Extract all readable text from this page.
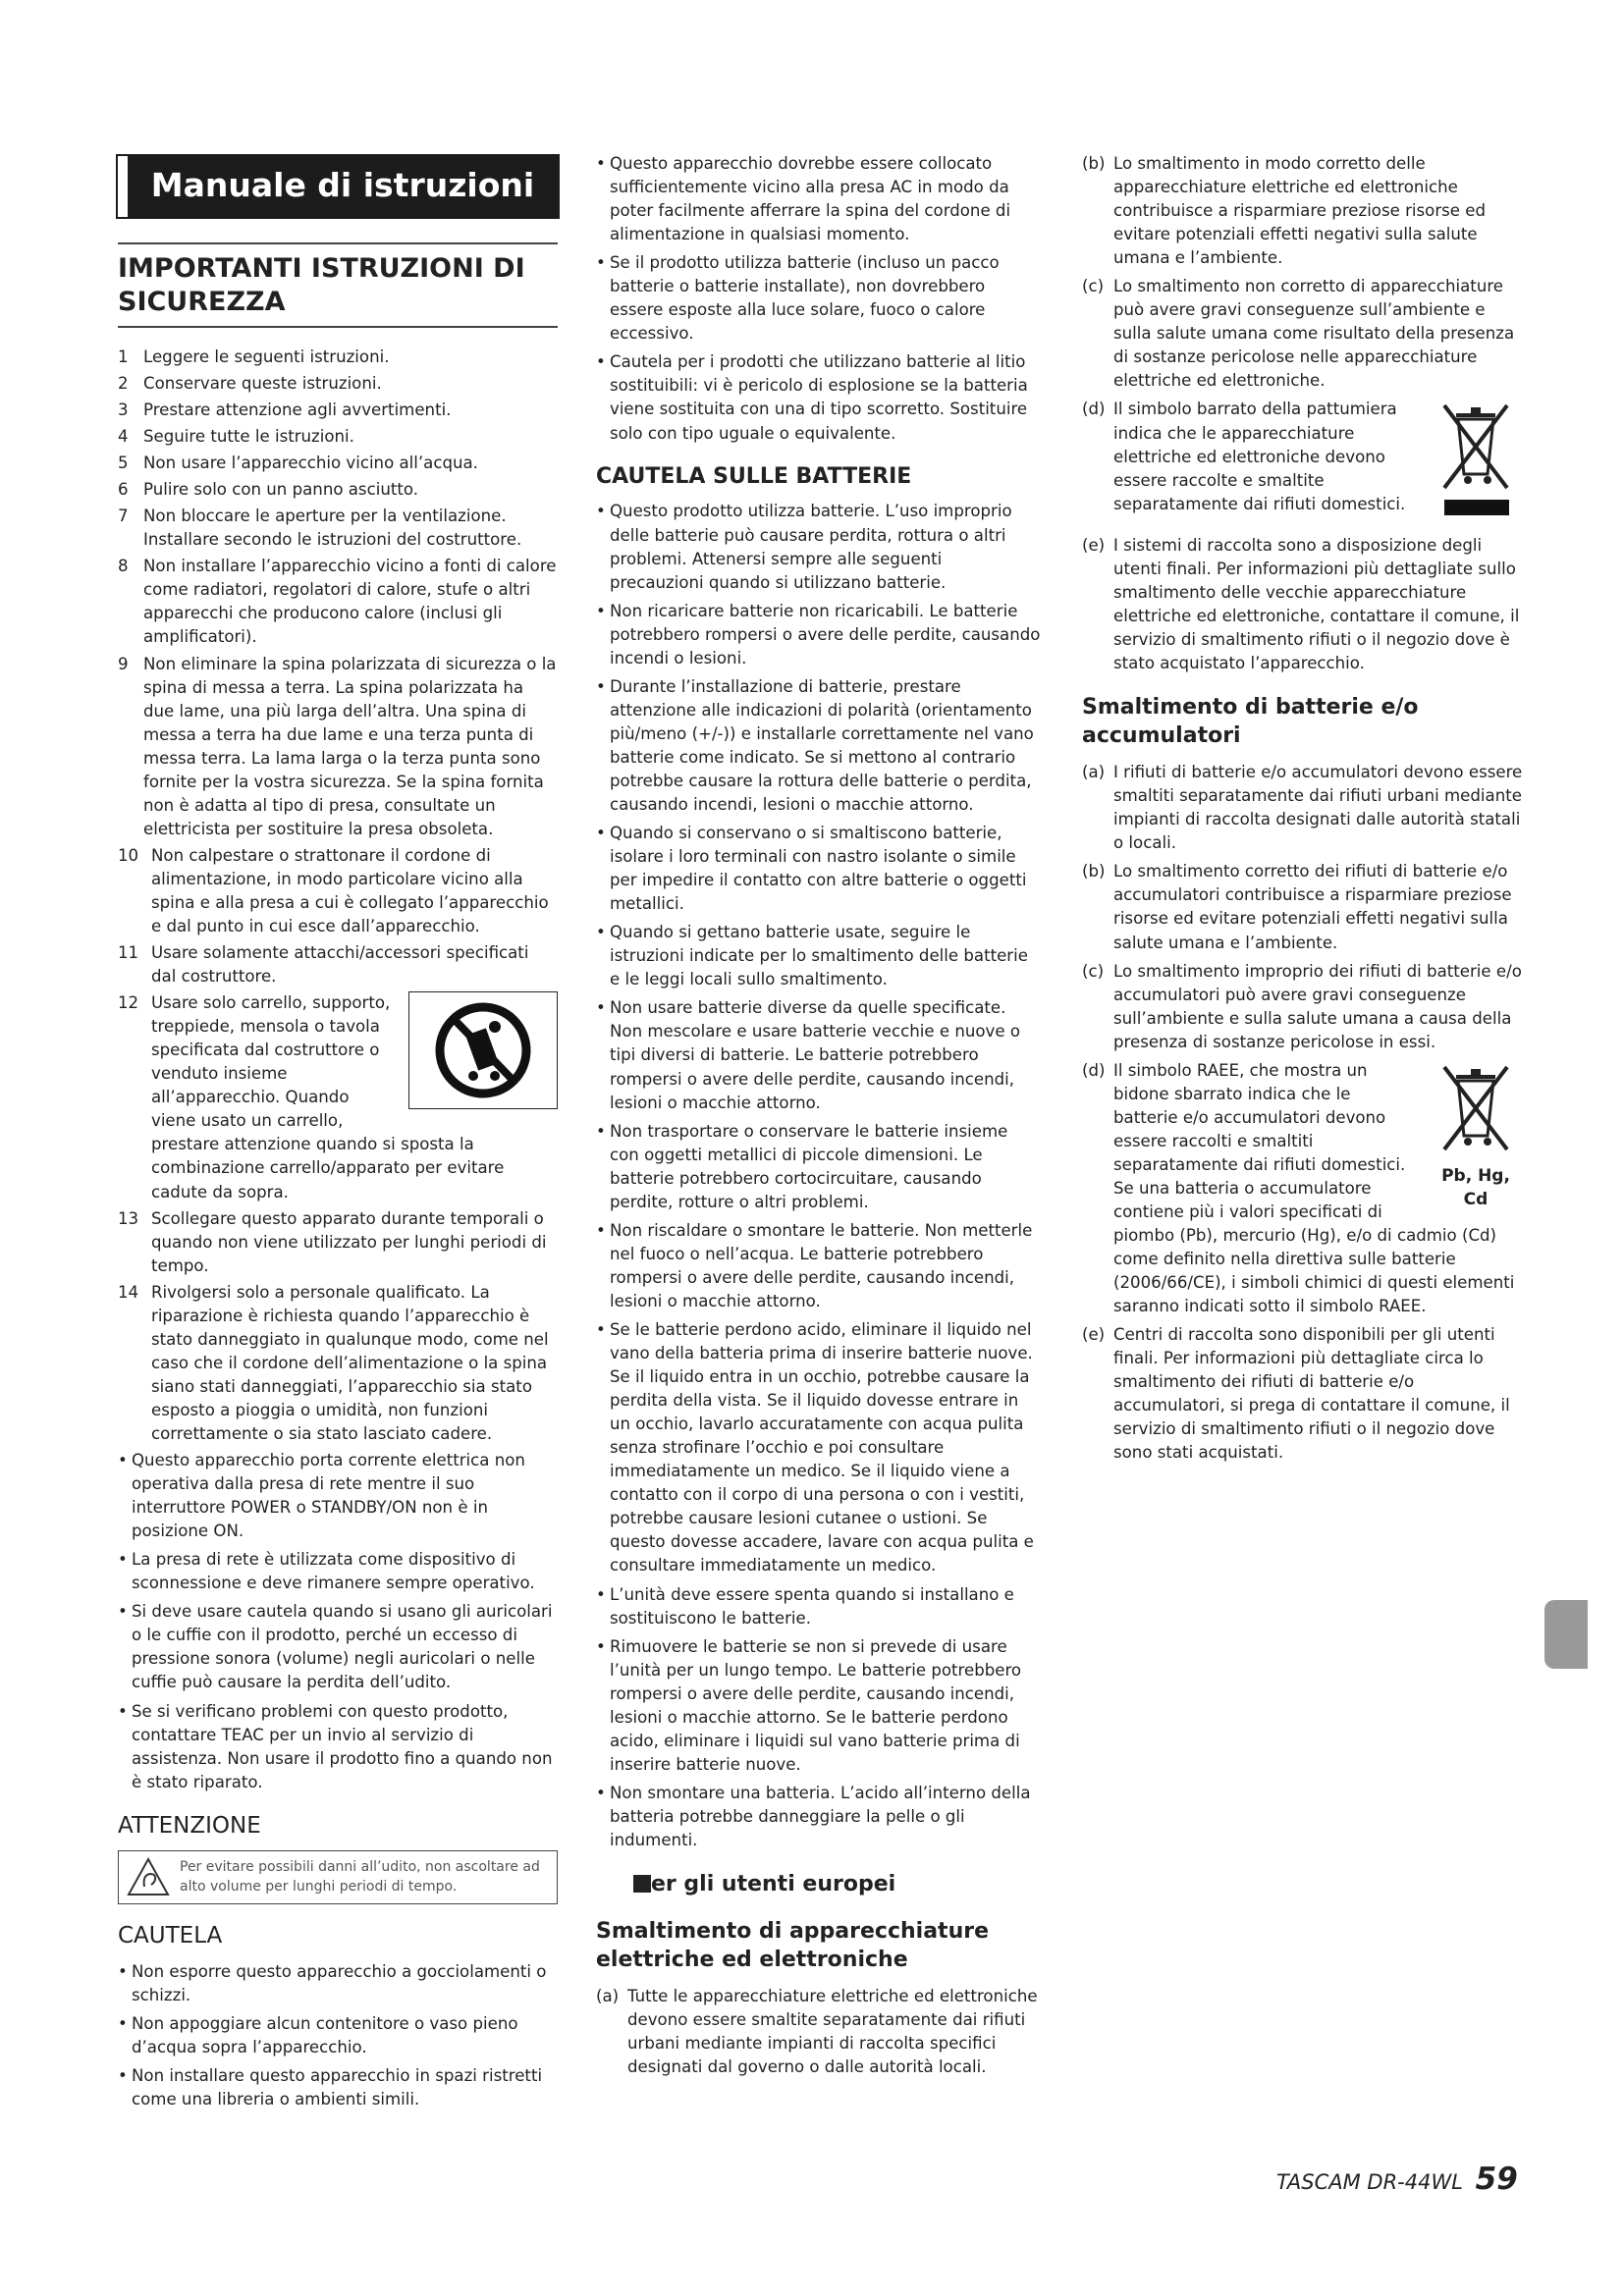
Manuale di istruzioni
IMPORTANTI ISTRUZIONI DI SICUREZZA
1 Leggere le seguenti istruzioni.
2 Conservare queste istruzioni.
3 Prestare attenzione agli avvertimenti.
4 Seguire tutte le istruzioni.
5 Non usare l’apparecchio vicino all’acqua.
6 Pulire solo con un panno asciutto.
7 Non bloccare le aperture per la ventilazione. Installare secondo le istruzioni del costruttore.
8 Non installare l’apparecchio vicino a fonti di calore come radiatori, regolatori di calore, stufe o altri apparecchi che producono calore (inclusi gli amplificatori).
9 Non eliminare la spina polarizzata di sicurezza o la spina di messa a terra. La spina polarizzata ha due lame, una più larga dell’altra. Una spina di messa a terra ha due lame e una terza punta di messa terra. La lama larga o la terza punta sono fornite per la vostra sicurezza. Se la spina fornita non è adatta al tipo di presa, consultate un elettricista per sostituire la presa obsoleta.
10 Non calpestare o strattonare il cordone di alimentazione, in modo particolare vicino alla spina e alla presa a cui è collegato l’apparecchio e dal punto in cui esce dall’apparecchio.
11 Usare solamente attacchi/accessori specificati dal costruttore.
12 Usare solo carrello, supporto, treppiede, mensola o tavola specificata dal costruttore o venduto insieme all’apparecchio. Quando viene usato un carrello, prestare attenzione quando si sposta la combinazione carrello/apparato per evitare cadute da sopra.
13 Scollegare questo apparato durante temporali o quando non viene utilizzato per lunghi periodi di tempo.
14 Rivolgersi solo a personale qualificato. La riparazione è richiesta quando l’apparecchio è stato danneggiato in qualunque modo, come nel caso che il cordone dell’alimentazione o la spina siano stati danneggiati, l’apparecchio sia stato esposto a pioggia o umidità, non funzioni correttamente o sia stato lasciato cadere.
• Questo apparecchio porta corrente elettrica non operativa dalla presa di rete mentre il suo interruttore POWER o STANDBY/ON non è in posizione ON.
• La presa di rete è utilizzata come dispositivo di sconnessione e deve rimanere sempre operativo.
• Si deve usare cautela quando si usano gli auricolari o le cuffie con il prodotto, perché un eccesso di pressione sonora (volume) negli auricolari o nelle cuffie può causare la perdita dell’udito.
• Se si verificano problemi con questo prodotto, contattare TEAC per un invio al servizio di assistenza. Non usare il prodotto fino a quando non è stato riparato.
ATTENZIONE
Per evitare possibili danni all’udito, non ascoltare ad alto volume per lunghi periodi di tempo.
CAUTELA
• Non esporre questo apparecchio a gocciolamenti o schizzi.
• Non appoggiare alcun contenitore o vaso pieno d’acqua sopra l’apparecchio.
• Non installare questo apparecchio in spazi ristretti come una libreria o ambienti simili.
• Questo apparecchio dovrebbe essere collocato sufficientemente vicino alla presa AC in modo da poter facilmente afferrare la spina del cordone di alimentazione in qualsiasi momento.
• Se il prodotto utilizza batterie (incluso un pacco batterie o batterie installate), non dovrebbero essere esposte alla luce solare, fuoco o calore eccessivo.
• Cautela per i prodotti che utilizzano batterie al litio sostituibili: vi è pericolo di esplosione se la batteria viene sostituita con una di tipo scorretto. Sostituire solo con tipo uguale o equivalente.
CAUTELA SULLE BATTERIE
• Questo prodotto utilizza batterie. L’uso improprio delle batterie può causare perdita, rottura o altri problemi. Attenersi sempre alle seguenti precauzioni quando si utilizzano batterie.
• Non ricaricare batterie non ricaricabili. Le batterie potrebbero rompersi o avere delle perdite, causando incendi o lesioni.
• Durante l’installazione di batterie, prestare attenzione alle indicazioni di polarità (orientamento più/meno (+/-)) e installarle correttamente nel vano batterie come indicato. Se si mettono al contrario potrebbe causare la rottura delle batterie o perdita, causando incendi, lesioni o macchie attorno.
• Quando si conservano o si smaltiscono batterie, isolare i loro terminali con nastro isolante o simile per impedire il contatto con altre batterie o oggetti metallici.
• Quando si gettano batterie usate, seguire le istruzioni indicate per lo smaltimento delle batterie e le leggi locali sullo smaltimento.
• Non usare batterie diverse da quelle specificate. Non mescolare e usare batterie vecchie e nuove o tipi diversi di batterie. Le batterie potrebbero rompersi o avere delle perdite, causando incendi, lesioni o macchie attorno.
• Non trasportare o conservare le batterie insieme con oggetti metallici di piccole dimensioni. Le batterie potrebbero cortocircuitare, causando perdite, rotture o altri problemi.
• Non riscaldare o smontare le batterie. Non metterle nel fuoco o nell’acqua. Le batterie potrebbero rompersi o avere delle perdite, causando incendi, lesioni o macchie attorno.
• Se le batterie perdono acido, eliminare il liquido nel vano della batteria prima di inserire batterie nuove. Se il liquido entra in un occhio, potrebbe causare la perdita della vista. Se il liquido dovesse entrare in un occhio, lavarlo accuratamente con acqua pulita senza strofinare l’occhio e poi consultare immediatamente un medico. Se il liquido viene a contatto con il corpo di una persona o con i vestiti, potrebbe causare lesioni cutanee o ustioni. Se questo dovesse accadere, lavare con acqua pulita e consultare immediatamente un medico.
• L’unità deve essere spenta quando si installano e sostituiscono le batterie.
• Rimuovere le batterie se non si prevede di usare l’unità per un lungo tempo. Le batterie potrebbero rompersi o avere delle perdite, causando incendi, lesioni o macchie attorno. Se le batterie perdono acido, eliminare i liquidi sul vano batterie prima di inserire batterie nuove.
• Non smontare una batteria. L’acido all’interno della batteria potrebbe danneggiare la pelle o gli indumenti.
er gli utenti europei
Smaltimento di apparecchiature elettriche ed elettroniche
(a) Tutte le apparecchiature elettriche ed elettroniche devono essere smaltite separatamente dai rifiuti urbani mediante impianti di raccolta specifici designati dal governo o dalle autorità locali.
(b) Lo smaltimento in modo corretto delle apparecchiature elettriche ed elettroniche contribuisce a risparmiare preziose risorse ed evitare potenziali effetti negativi sulla salute umana e l’ambiente.
(c) Lo smaltimento non corretto di apparecchiature può avere gravi conseguenze sull’ambiente e sulla salute umana come risultato della presenza di sostanze pericolose nelle apparecchiature elettriche ed elettroniche.
(d) Il simbolo barrato della pattumiera indica che le apparecchiature elettriche ed elettroniche devono essere raccolte e smaltite separatamente dai rifiuti domestici.
(e) I sistemi di raccolta sono a disposizione degli utenti finali. Per informazioni più dettagliate sullo smaltimento delle vecchie apparecchiature elettriche ed elettroniche, contattare il comune, il servizio di smaltimento rifiuti o il negozio dove è stato acquistato l’apparecchio.
Smaltimento di batterie e/o accumulatori
(a) I rifiuti di batterie e/o accumulatori devono essere smaltiti separatamente dai rifiuti urbani mediante impianti di raccolta designati dalle autorità statali o locali.
(b) Lo smaltimento corretto dei rifiuti di batterie e/o accumulatori contribuisce a risparmiare preziose risorse ed evitare potenziali effetti negativi sulla salute umana e l’ambiente.
(c) Lo smaltimento improprio dei rifiuti di batterie e/o accumulatori può avere gravi conseguenze sull’ambiente e sulla salute umana a causa della presenza di sostanze pericolose in essi.
(d)
Pb, Hg, Cd
Il simbolo RAEE, che mostra un bidone sbarrato indica che le batterie e/o accumulatori devono essere raccolti e smaltiti separatamente dai rifiuti domestici. Se una batteria o accumulatore contiene più i valori specificati di piombo (Pb), mercurio (Hg), e/o di cadmio (Cd) come definito nella direttiva sulle batterie (2006/66/CE), i simboli chimici di questi elementi saranno indicati sotto il simbolo RAEE.
(e) Centri di raccolta sono disponibili per gli utenti finali. Per informazioni più dettagliate circa lo smaltimento dei rifiuti di batterie e/o accumulatori, si prega di contattare il comune, il servizio di smaltimento rifiuti o il negozio dove sono stati acquistati.
TASCAM DR-44WL 59
